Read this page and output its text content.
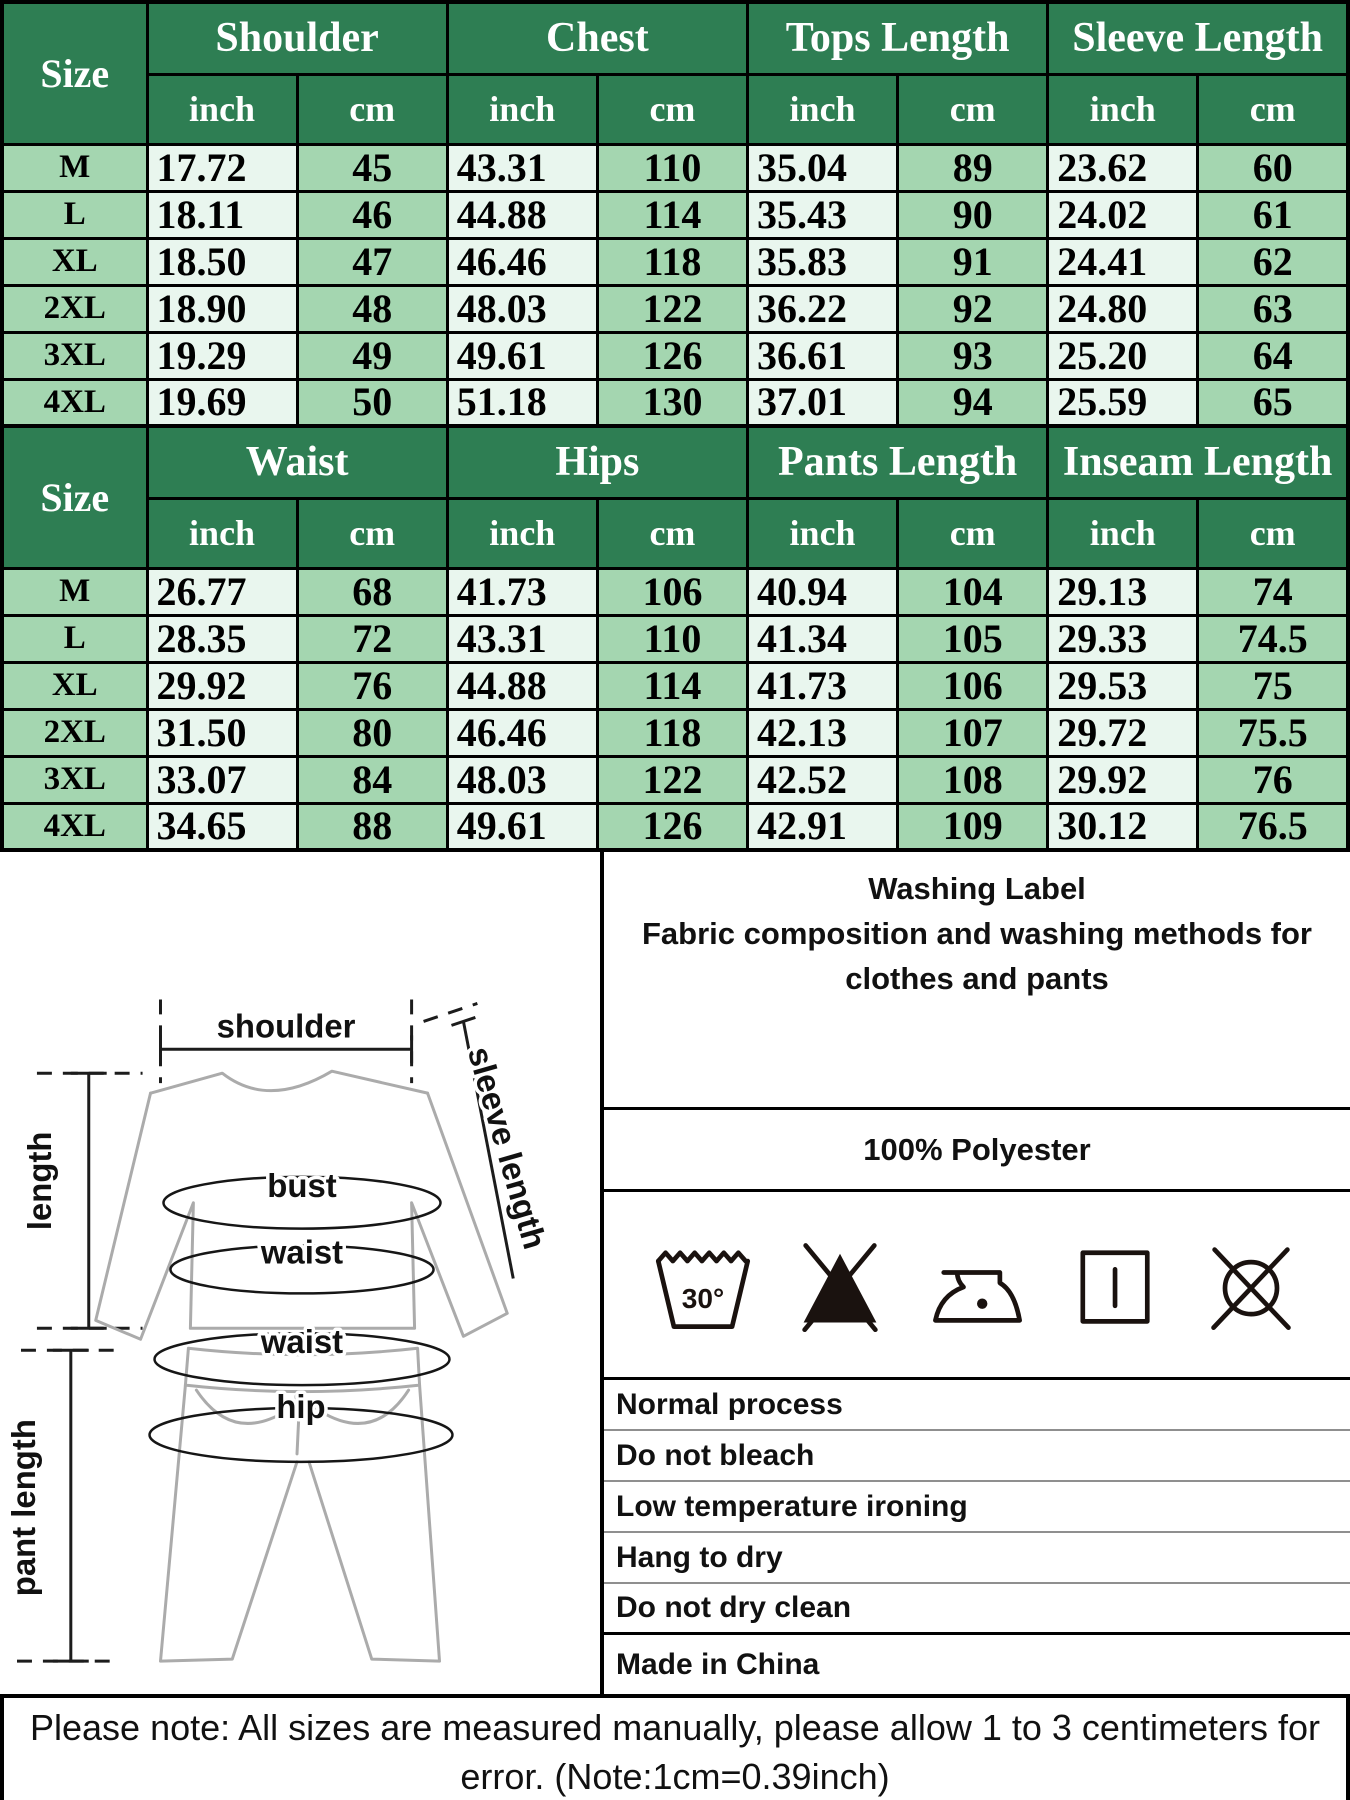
Size	Shoulder		Chest		Tops Length		Sleeve Length	
	inch	cm	inch	cm	inch	cm	inch	cm
M	17.72	45	43.31	110	35.04	89	23.62	60
L	18.11	46	44.88	114	35.43	90	24.02	61
XL	18.50	47	46.46	118	35.83	91	24.41	62
2XL	18.90	48	48.03	122	36.22	92	24.80	63
3XL	19.29	49	49.61	126	36.61	93	25.20	64
4XL	19.69	50	51.18	130	37.01	94	25.59	65
Size	Waist		Hips		Pants Length		Inseam Length	
	inch	cm	inch	cm	inch	cm	inch	cm
M	26.77	68	41.73	106	40.94	104	29.13	74
L	28.35	72	43.31	110	41.34	105	29.33	74.5
XL	29.92	76	44.88	114	41.73	106	29.53	75
2XL	31.50	80	46.46	118	42.13	107	29.72	75.5
3XL	33.07	84	48.03	122	42.52	108	29.92	76
4XL	34.65	88	49.61	126	42.91	109	30.12	76.5
shoulder
length	bust
waist	sleeve length
pant length
waist
hip
Washing Label
Fabric composition and washing methods for
clothes and pants
100% Polyester
30°
Normal process
Do not bleach
Low temperature ironing
Hang to dry
Do not dry clean
Made in China
Please note: All sizes are measured manually, please allow 1 to 3 centimeters for
error. (Note:1cm=0.39inch)
